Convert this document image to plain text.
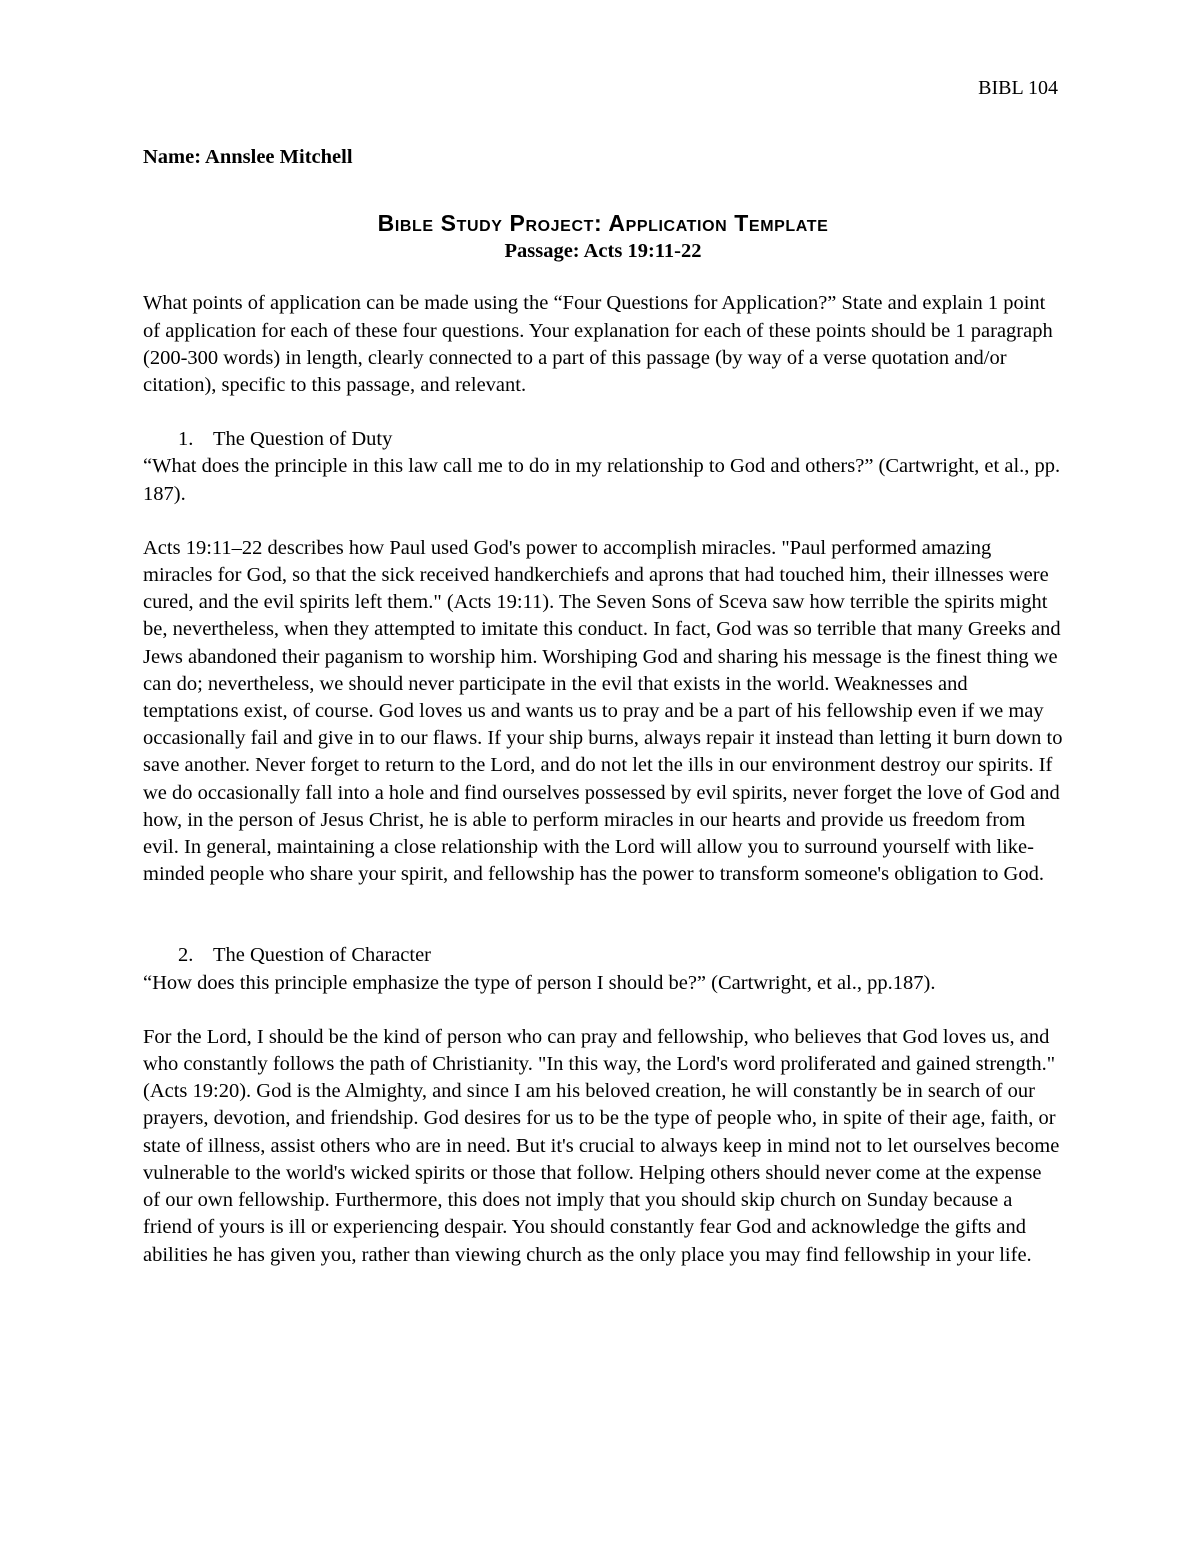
BIBL 104

Name: Annslee Mitchell

Bible Study Project: Application Template

Passage: Acts 19:11-22

What points of application can be made using the “Four Questions for Application?” State and explain 1 point of application for each of these four questions. Your explanation for each of these points should be 1 paragraph (200-300 words) in length, clearly connected to a part of this passage (by way of a verse quotation and/or citation), specific to this passage, and relevant.

1. The Question of Duty

“What does the principle in this law call me to do in my relationship to God and others?” (Cartwright, et al., pp. 187).

Acts 19:11–22 describes how Paul used God's power to accomplish miracles. "Paul performed amazing miracles for God, so that the sick received handkerchiefs and aprons that had touched him, their illnesses were cured, and the evil spirits left them." (Acts 19:11). The Seven Sons of Sceva saw how terrible the spirits might be, nevertheless, when they attempted to imitate this conduct. In fact, God was so terrible that many Greeks and Jews abandoned their paganism to worship him. Worshiping God and sharing his message is the finest thing we can do; nevertheless, we should never participate in the evil that exists in the world. Weaknesses and temptations exist, of course. God loves us and wants us to pray and be a part of his fellowship even if we may occasionally fail and give in to our flaws. If your ship burns, always repair it instead than letting it burn down to save another. Never forget to return to the Lord, and do not let the ills in our environment destroy our spirits. If we do occasionally fall into a hole and find ourselves possessed by evil spirits, never forget the love of God and how, in the person of Jesus Christ, he is able to perform miracles in our hearts and provide us freedom from evil. In general, maintaining a close relationship with the Lord will allow you to surround yourself with like-minded people who share your spirit, and fellowship has the power to transform someone's obligation to God.

2. The Question of Character

“How does this principle emphasize the type of person I should be?” (Cartwright, et al., pp.187).

For the Lord, I should be the kind of person who can pray and fellowship, who believes that God loves us, and who constantly follows the path of Christianity. "In this way, the Lord's word proliferated and gained strength." (Acts 19:20). God is the Almighty, and since I am his beloved creation, he will constantly be in search of our prayers, devotion, and friendship. God desires for us to be the type of people who, in spite of their age, faith, or state of illness, assist others who are in need. But it's crucial to always keep in mind not to let ourselves become vulnerable to the world's wicked spirits or those that follow. Helping others should never come at the expense of our own fellowship. Furthermore, this does not imply that you should skip church on Sunday because a friend of yours is ill or experiencing despair. You should constantly fear God and acknowledge the gifts and abilities he has given you, rather than viewing church as the only place you may find fellowship in your life.
